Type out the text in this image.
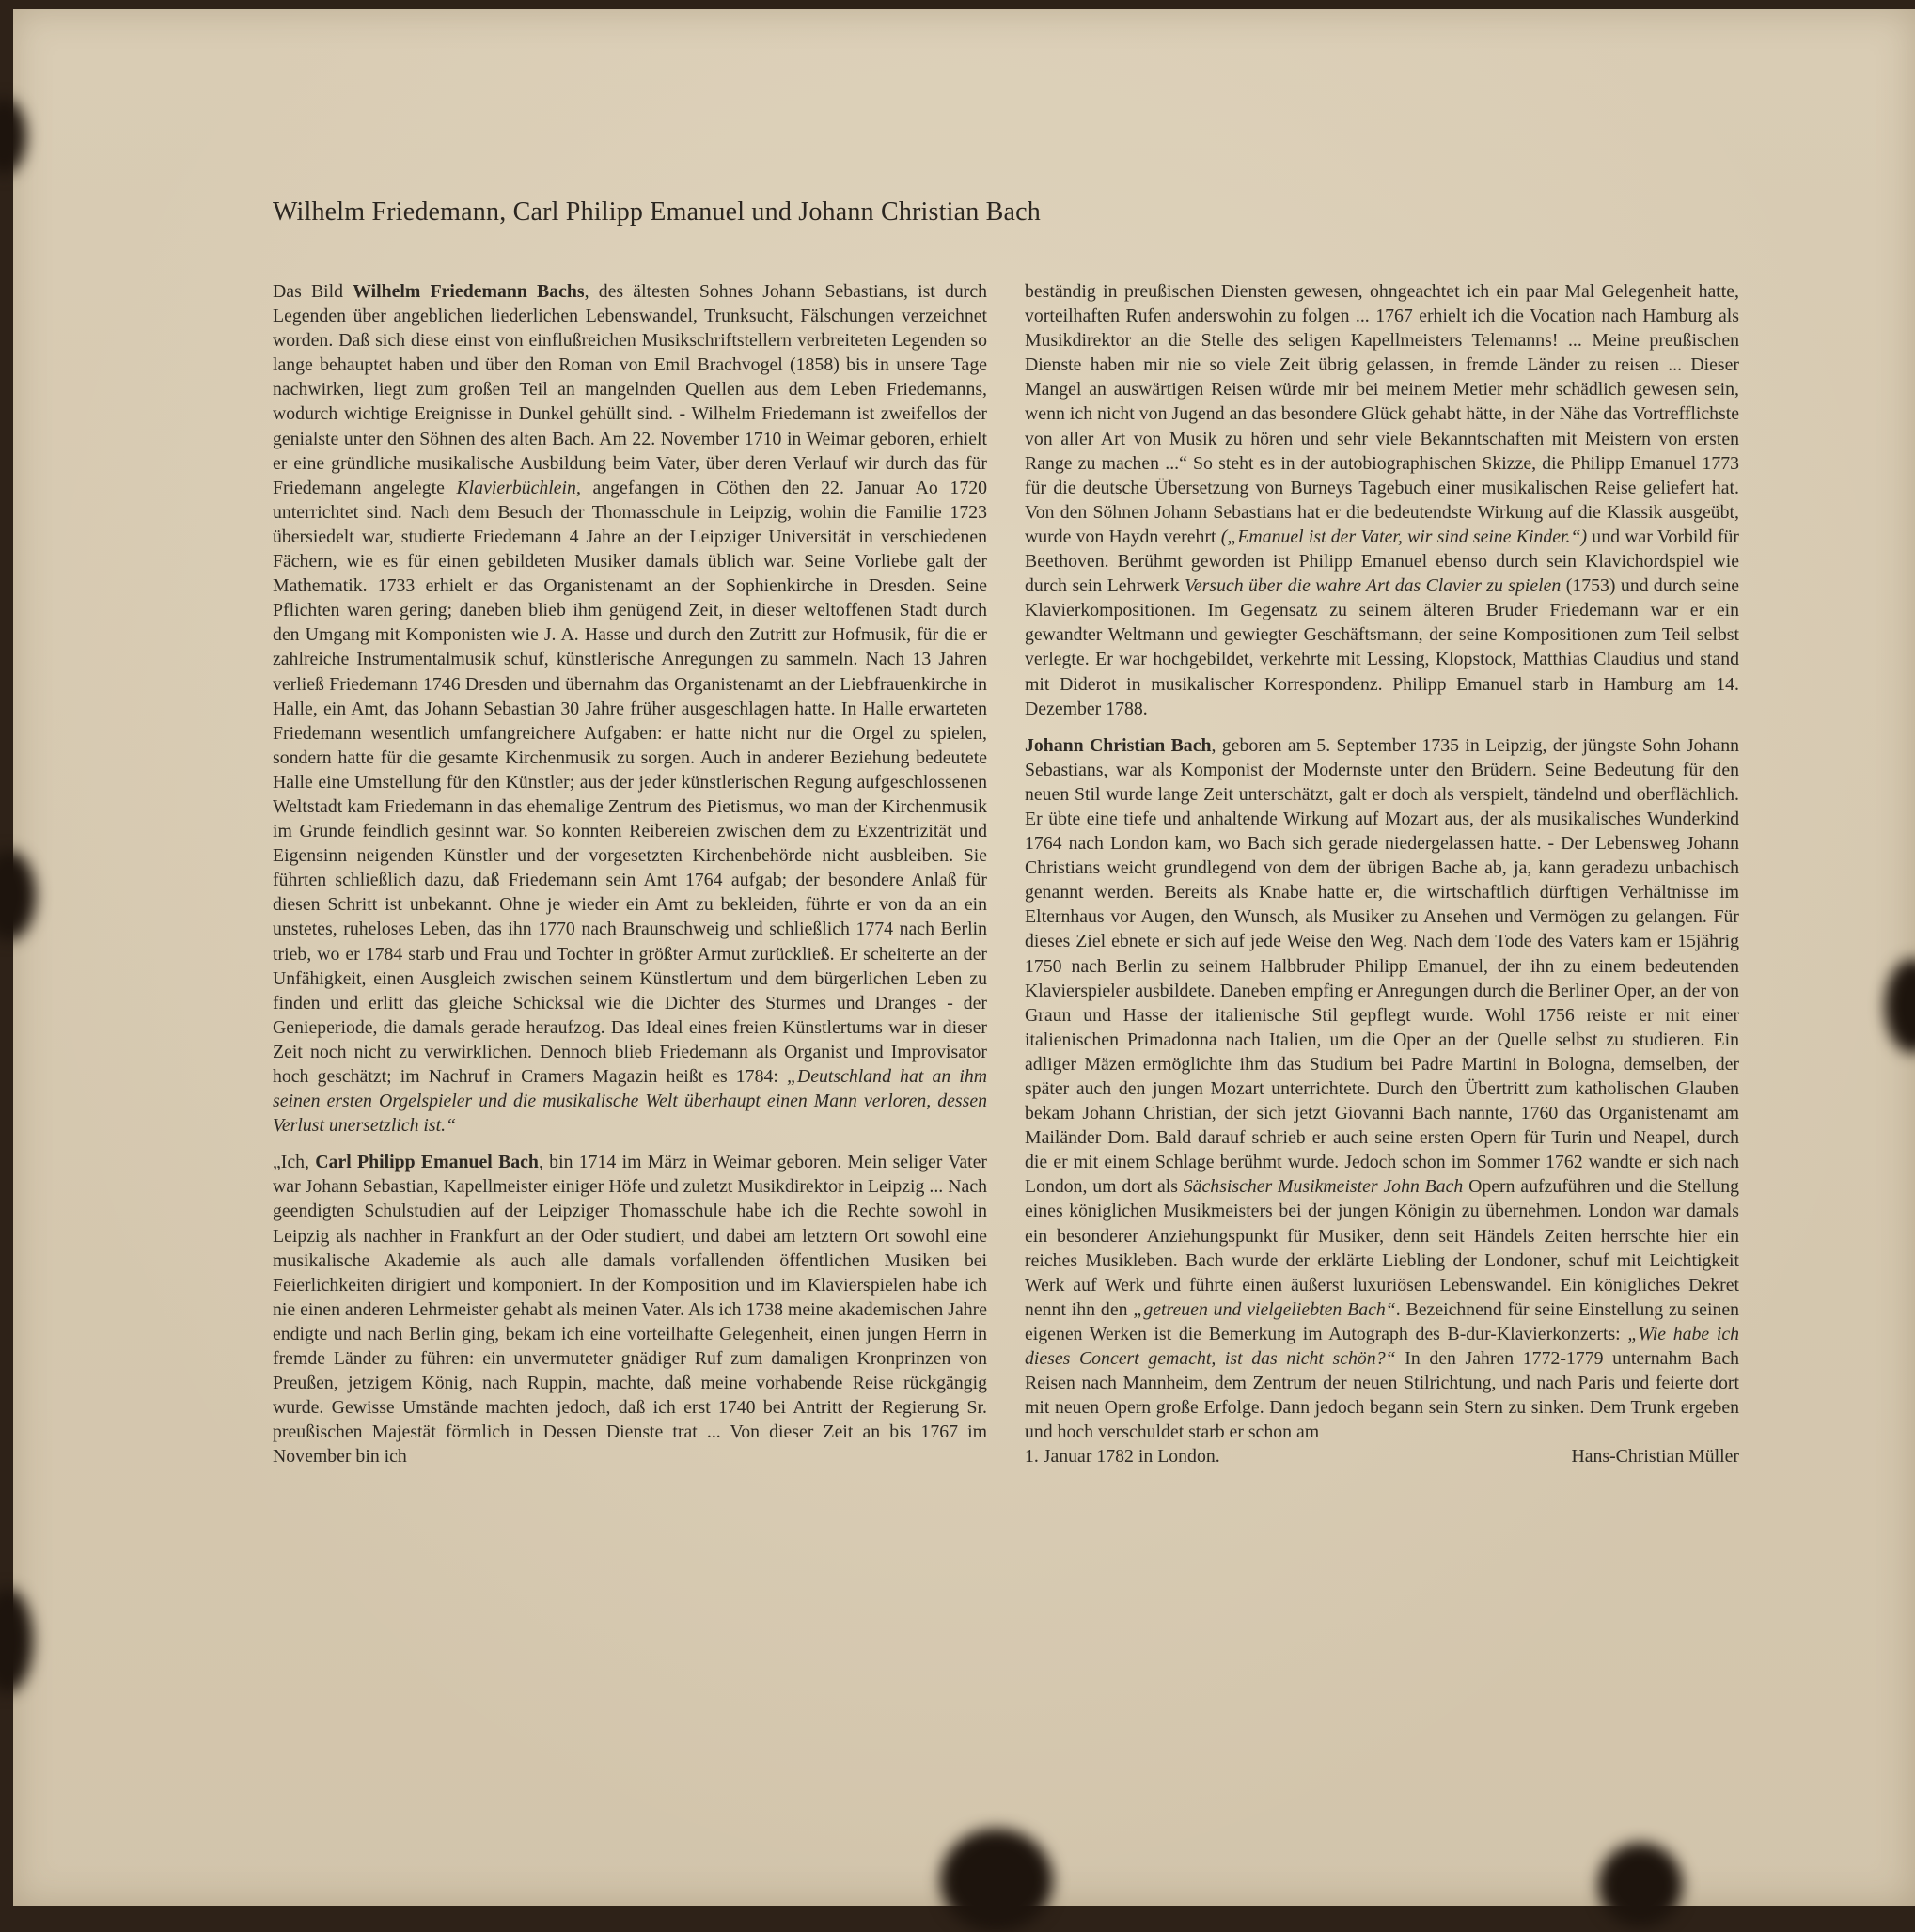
Wilhelm Friedemann, Carl Philipp Emanuel und Johann Christian Bach

Das Bild Wilhelm Friedemann Bachs, des ältesten Sohnes Johann Sebastians, ist durch Legenden über angeblichen liederlichen Lebenswandel, Trunksucht, Fälschungen verzeichnet worden. Daß sich diese einst von einflußreichen Musikschriftstellern verbreiteten Legenden so lange behauptet haben und über den Roman von Emil Brachvogel (1858) bis in unsere Tage nachwirken, liegt zum großen Teil an mangelnden Quellen aus dem Leben Friedemanns, wodurch wichtige Ereignisse in Dunkel gehüllt sind. - Wilhelm Friedemann ist zweifellos der genialste unter den Söhnen des alten Bach. Am 22. November 1710 in Weimar geboren, erhielt er eine gründliche musikalische Ausbildung beim Vater, über deren Verlauf wir durch das für Friedemann angelegte Klavierbüchlein, angefangen in Cöthen den 22. Januar Ao 1720 unterrichtet sind. Nach dem Besuch der Thomasschule in Leipzig, wohin die Familie 1723 übersiedelt war, studierte Friedemann 4 Jahre an der Leipziger Universität in verschiedenen Fächern, wie es für einen gebildeten Musiker damals üblich war. Seine Vorliebe galt der Mathematik. 1733 erhielt er das Organistenamt an der Sophienkirche in Dresden. Seine Pflichten waren gering; daneben blieb ihm genügend Zeit, in dieser weltoffenen Stadt durch den Umgang mit Komponisten wie J. A. Hasse und durch den Zutritt zur Hofmusik, für die er zahlreiche Instrumentalmusik schuf, künstlerische Anregungen zu sammeln. Nach 13 Jahren verließ Friedemann 1746 Dresden und übernahm das Organistenamt an der Liebfrauenkirche in Halle, ein Amt, das Johann Sebastian 30 Jahre früher ausgeschlagen hatte. In Halle erwarteten Friedemann wesentlich umfangreichere Aufgaben: er hatte nicht nur die Orgel zu spielen, sondern hatte für die gesamte Kirchenmusik zu sorgen. Auch in anderer Beziehung bedeutete Halle eine Umstellung für den Künstler; aus der jeder künstlerischen Regung aufgeschlossenen Weltstadt kam Friedemann in das ehemalige Zentrum des Pietismus, wo man der Kirchenmusik im Grunde feindlich gesinnt war. So konnten Reibereien zwischen dem zu Exzentrizität und Eigensinn neigenden Künstler und der vorgesetzten Kirchenbehörde nicht ausbleiben. Sie führten schließlich dazu, daß Friedemann sein Amt 1764 aufgab; der besondere Anlaß für diesen Schritt ist unbekannt. Ohne je wieder ein Amt zu bekleiden, führte er von da an ein unstetes, ruheloses Leben, das ihn 1770 nach Braunschweig und schließlich 1774 nach Berlin trieb, wo er 1784 starb und Frau und Tochter in größter Armut zurückließ. Er scheiterte an der Unfähigkeit, einen Ausgleich zwischen seinem Künstlertum und dem bürgerlichen Leben zu finden und erlitt das gleiche Schicksal wie die Dichter des Sturmes und Dranges - der Genieperiode, die damals gerade heraufzog. Das Ideal eines freien Künstlertums war in dieser Zeit noch nicht zu verwirklichen. Dennoch blieb Friedemann als Organist und Improvisator hoch geschätzt; im Nachruf in Cramers Magazin heißt es 1784: „Deutschland hat an ihm seinen ersten Orgelspieler und die musikalische Welt überhaupt einen Mann verloren, dessen Verlust unersetzlich ist.“

„Ich, Carl Philipp Emanuel Bach, bin 1714 im März in Weimar geboren. Mein seliger Vater war Johann Sebastian, Kapellmeister einiger Höfe und zuletzt Musikdirektor in Leipzig ... Nach geendigten Schulstudien auf der Leipziger Thomasschule habe ich die Rechte sowohl in Leipzig als nachher in Frankfurt an der Oder studiert, und dabei am letztern Ort sowohl eine musikalische Akademie als auch alle damals vorfallenden öffentlichen Musiken bei Feierlichkeiten dirigiert und komponiert. In der Komposition und im Klavierspielen habe ich nie einen anderen Lehrmeister gehabt als meinen Vater. Als ich 1738 meine akademischen Jahre endigte und nach Berlin ging, bekam ich eine vorteilhafte Gelegenheit, einen jungen Herrn in fremde Länder zu führen: ein unvermuteter gnädiger Ruf zum damaligen Kronprinzen von Preußen, jetzigem König, nach Ruppin, machte, daß meine vorhabende Reise rückgängig wurde. Gewisse Umstände machten jedoch, daß ich erst 1740 bei Antritt der Regierung Sr. preußischen Majestät förmlich in Dessen Dienste trat ... Von dieser Zeit an bis 1767 im November bin ich

beständig in preußischen Diensten gewesen, ohngeachtet ich ein paar Mal Gelegenheit hatte, vorteilhaften Rufen anderswohin zu folgen ... 1767 erhielt ich die Vocation nach Hamburg als Musikdirektor an die Stelle des seligen Kapellmeisters Telemanns! ... Meine preußischen Dienste haben mir nie so viele Zeit übrig gelassen, in fremde Länder zu reisen ... Dieser Mangel an auswärtigen Reisen würde mir bei meinem Metier mehr schädlich gewesen sein, wenn ich nicht von Jugend an das besondere Glück gehabt hätte, in der Nähe das Vortrefflichste von aller Art von Musik zu hören und sehr viele Bekanntschaften mit Meistern von ersten Range zu machen ...“ So steht es in der autobiographischen Skizze, die Philipp Emanuel 1773 für die deutsche Übersetzung von Burneys Tagebuch einer musikalischen Reise geliefert hat. Von den Söhnen Johann Sebastians hat er die bedeutendste Wirkung auf die Klassik ausgeübt, wurde von Haydn verehrt („Emanuel ist der Vater, wir sind seine Kinder.“) und war Vorbild für Beethoven. Berühmt geworden ist Philipp Emanuel ebenso durch sein Klavichordspiel wie durch sein Lehrwerk Versuch über die wahre Art das Clavier zu spielen (1753) und durch seine Klavierkompositionen. Im Gegensatz zu seinem älteren Bruder Friedemann war er ein gewandter Weltmann und gewiegter Geschäftsmann, der seine Kompositionen zum Teil selbst verlegte. Er war hochgebildet, verkehrte mit Lessing, Klopstock, Matthias Claudius und stand mit Diderot in musikalischer Korrespondenz. Philipp Emanuel starb in Hamburg am 14. Dezember 1788.

Johann Christian Bach, geboren am 5. September 1735 in Leipzig, der jüngste Sohn Johann Sebastians, war als Komponist der Modernste unter den Brüdern. Seine Bedeutung für den neuen Stil wurde lange Zeit unterschätzt, galt er doch als verspielt, tändelnd und oberflächlich. Er übte eine tiefe und anhaltende Wirkung auf Mozart aus, der als musikalisches Wunderkind 1764 nach London kam, wo Bach sich gerade niedergelassen hatte. - Der Lebensweg Johann Christians weicht grundlegend von dem der übrigen Bache ab, ja, kann geradezu unbachisch genannt werden. Bereits als Knabe hatte er, die wirtschaftlich dürftigen Verhältnisse im Elternhaus vor Augen, den Wunsch, als Musiker zu Ansehen und Vermögen zu gelangen. Für dieses Ziel ebnete er sich auf jede Weise den Weg. Nach dem Tode des Vaters kam er 15jährig 1750 nach Berlin zu seinem Halbbruder Philipp Emanuel, der ihn zu einem bedeutenden Klavierspieler ausbildete. Daneben empfing er Anregungen durch die Berliner Oper, an der von Graun und Hasse der italienische Stil gepflegt wurde. Wohl 1756 reiste er mit einer italienischen Primadonna nach Italien, um die Oper an der Quelle selbst zu studieren. Ein adliger Mäzen ermöglichte ihm das Studium bei Padre Martini in Bologna, demselben, der später auch den jungen Mozart unterrichtete. Durch den Übertritt zum katholischen Glauben bekam Johann Christian, der sich jetzt Giovanni Bach nannte, 1760 das Organistenamt am Mailänder Dom. Bald darauf schrieb er auch seine ersten Opern für Turin und Neapel, durch die er mit einem Schlage berühmt wurde. Jedoch schon im Sommer 1762 wandte er sich nach London, um dort als Sächsischer Musikmeister John Bach Opern aufzuführen und die Stellung eines königlichen Musikmeisters bei der jungen Königin zu übernehmen. London war damals ein besonderer Anziehungspunkt für Musiker, denn seit Händels Zeiten herrschte hier ein reiches Musikleben. Bach wurde der erklärte Liebling der Londoner, schuf mit Leichtigkeit Werk auf Werk und führte einen äußerst luxuriösen Lebenswandel. Ein königliches Dekret nennt ihn den „getreuen und vielgeliebten Bach“. Bezeichnend für seine Einstellung zu seinen eigenen Werken ist die Bemerkung im Autograph des B-dur-Klavierkonzerts: „Wie habe ich dieses Concert gemacht, ist das nicht schön?“ In den Jahren 1772-1779 unternahm Bach Reisen nach Mannheim, dem Zentrum der neuen Stilrichtung, und nach Paris und feierte dort mit neuen Opern große Erfolge. Dann jedoch begann sein Stern zu sinken. Dem Trunk ergeben und hoch verschuldet starb er schon am

1. Januar 1782 in London.	Hans-Christian Müller
